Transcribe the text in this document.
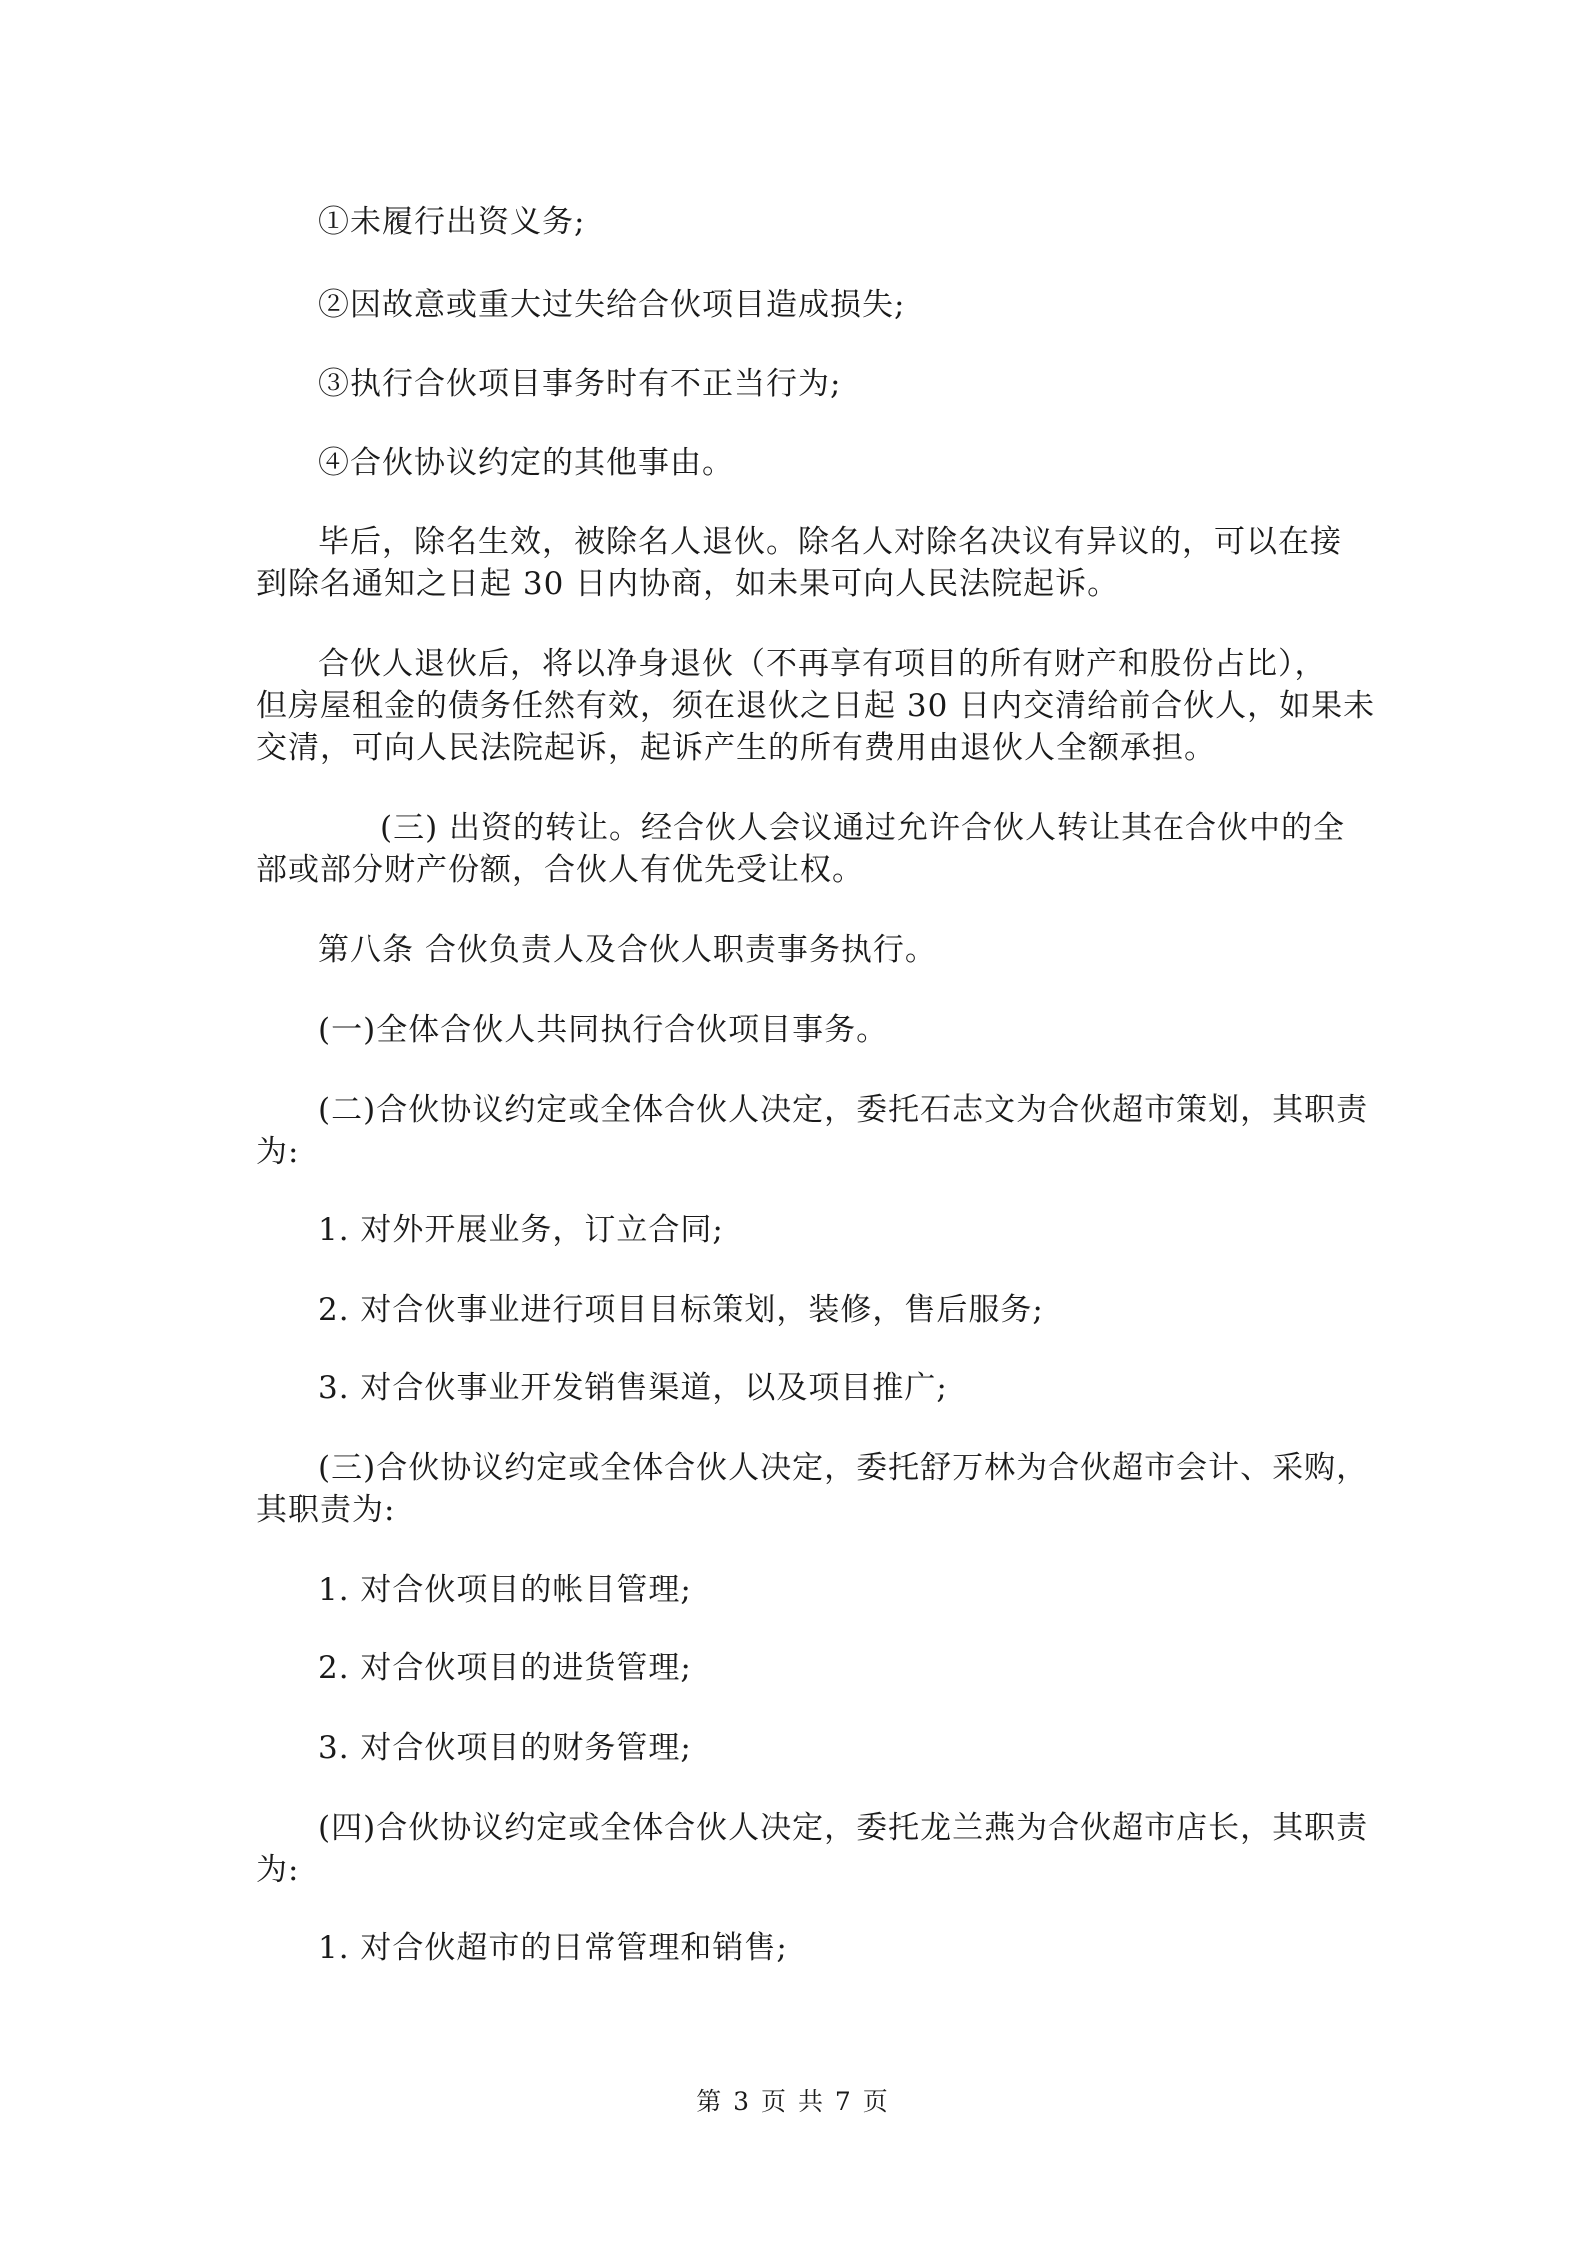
①未履行出资义务;
②因故意或重大过失给合伙项目造成损失;
③执行合伙项目事务时有不正当行为;
④合伙协议约定的其他事由。
毕后，除名生效，被除名人退伙。除名人对除名决议有异议的，可以在接
到除名通知之日起 30 日内协商，如未果可向人民法院起诉。
合伙人退伙后，将以净身退伙（不再享有项目的所有财产和股份占比），
但房屋租金的债务任然有效，须在退伙之日起 30 日内交清给前合伙人，如果未
交清，可向人民法院起诉，起诉产生的所有费用由退伙人全额承担。
(三) 出资的转让。经合伙人会议通过允许合伙人转让其在合伙中的全
部或部分财产份额，合伙人有优先受让权。
第八条 合伙负责人及合伙人职责事务执行。
(一)全体合伙人共同执行合伙项目事务。
(二)合伙协议约定或全体合伙人决定，委托石志文为合伙超市策划，其职责
为:
1. 对外开展业务，订立合同;
2. 对合伙事业进行项目目标策划，装修，售后服务;
3. 对合伙事业开发销售渠道，以及项目推广;
(三)合伙协议约定或全体合伙人决定，委托舒万林为合伙超市会计、采购，
其职责为:
1. 对合伙项目的帐目管理;
2. 对合伙项目的进货管理;
3. 对合伙项目的财务管理;
(四)合伙协议约定或全体合伙人决定，委托龙兰燕为合伙超市店长，其职责
为:
1. 对合伙超市的日常管理和销售;
第 3 页 共 7 页
